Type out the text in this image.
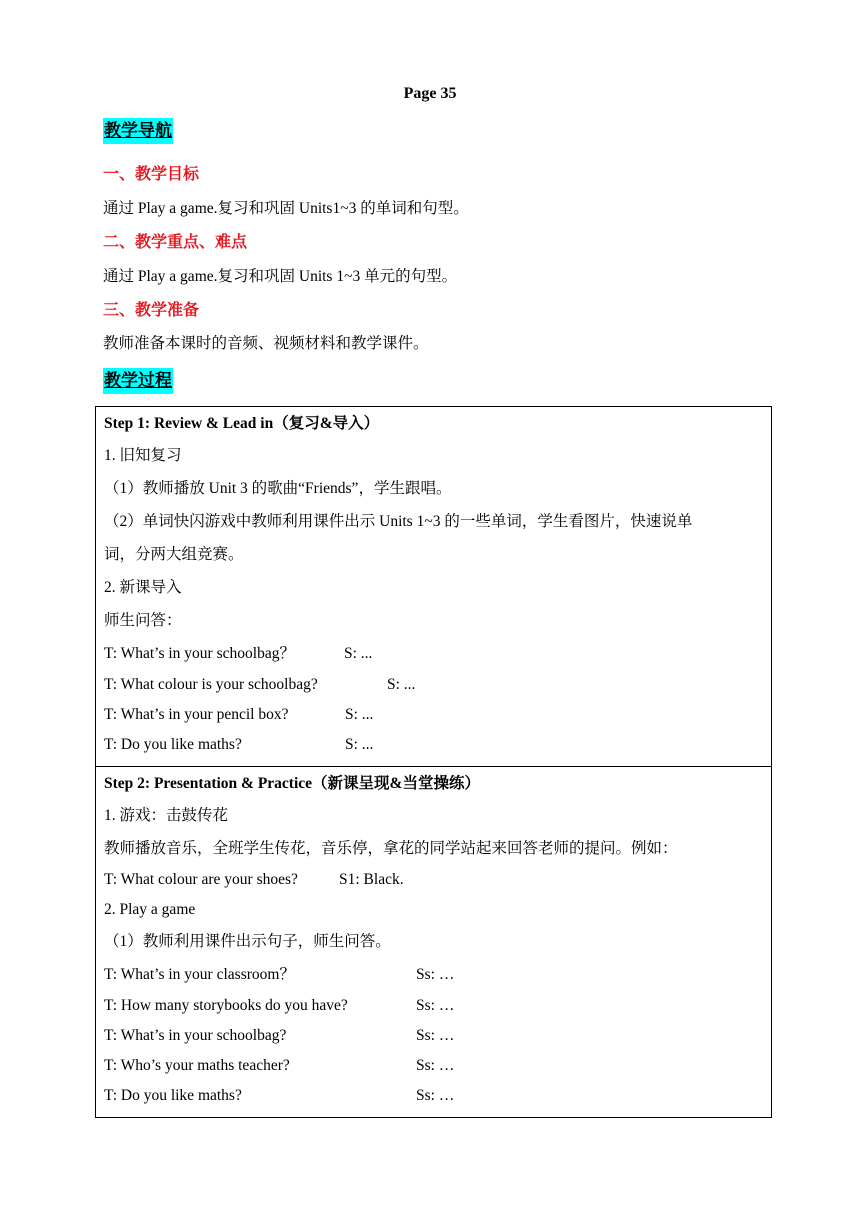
Page 35
教学导航
一、教学目标
通过 Play a game.复习和巩固 Units1~3 的单词和句型。
二、教学重点、难点
通过 Play a game.复习和巩固 Units 1~3 单元的句型。
三、教学准备
教师准备本课时的音频、视频材料和教学课件。
教学过程
Step 1: Review & Lead in（复习&导入）
1. 旧知复习
（1）教师播放 Unit 3 的歌曲“Friends”，学生跟唱。
（2）单词快闪游戏中教师利用课件出示 Units 1~3 的一些单词，学生看图片，快速说单
词，分两大组竞赛。
2. 新课导入
师生问答：
T: What’s in your schoolbag？	S: ...
T: What colour is your schoolbag?	S: ...
T: What’s in your pencil box?	S: ...
T: Do you like maths?	S: ...

Step 2: Presentation & Practice（新课呈现&当堂操练）
1. 游戏：击鼓传花
教师播放音乐，全班学生传花，音乐停，拿花的同学站起来回答老师的提问。例如：
T: What colour are your shoes?	S1: Black.
2. Play a game
（1）教师利用课件出示句子，师生问答。
T: What’s in your classroom？	Ss: …
T: How many storybooks do you have?	Ss: …
T: What’s in your schoolbag?	Ss: …
T: Who’s your maths teacher?	Ss: …
T: Do you like maths?	Ss: …
